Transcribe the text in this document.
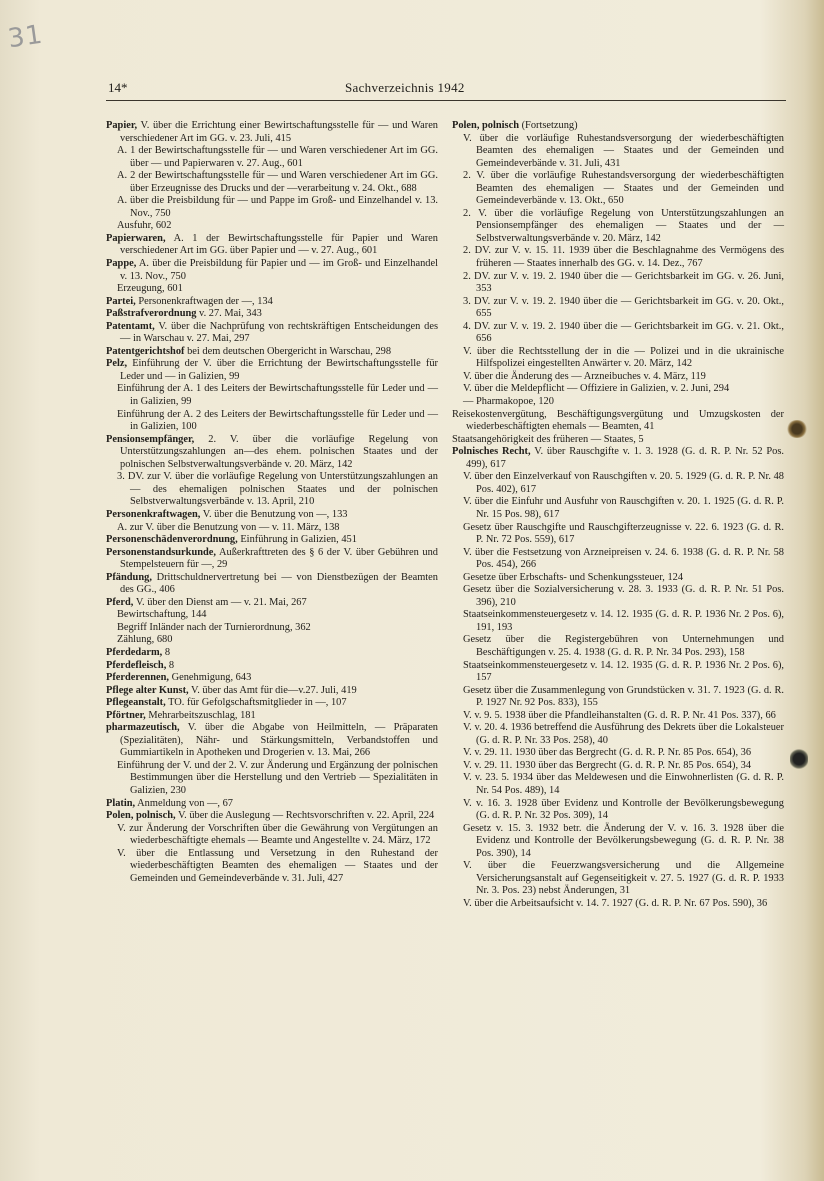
31
14*	Sachverzeichnis 1942

Papier, V. über die Errichtung einer Bewirtschaftungsstelle für — und Waren verschiedener Art im GG. v. 23. Juli, 415

A. 1 der Bewirtschaftungsstelle für — und Waren verschiedener Art im GG. über — und Papierwaren v. 27. Aug., 601

A. 2 der Bewirtschaftungsstelle für — und Waren verschiedener Art im GG. über Erzeugnisse des Drucks und der —verarbeitung v. 24. Okt., 688

A. über die Preisbildung für — und Pappe im Groß- und Einzelhandel v. 13. Nov., 750

Ausfuhr, 602

Papierwaren, A. 1 der Bewirtschaftungsstelle für Papier und Waren verschiedener Art im GG. über Papier und — v. 27. Aug., 601

Pappe, A. über die Preisbildung für Papier und — im Groß- und Einzelhandel v. 13. Nov., 750

Erzeugung, 601

Partei, Personenkraftwagen der —, 134

Paßstrafverordnung v. 27. Mai, 343

Patentamt, V. über die Nachprüfung von rechtskräftigen Entscheidungen des — in Warschau v. 27. Mai, 297

Patentgerichtshof bei dem deutschen Obergericht in Warschau, 298

Pelz, Einführung der V. über die Errichtung der Bewirtschaftungsstelle für Leder und — in Galizien, 99

Einführung der A. 1 des Leiters der Bewirtschaftungsstelle für Leder und — in Galizien, 99

Einführung der A. 2 des Leiters der Bewirtschaftungsstelle für Leder und — in Galizien, 100

Pensionsempfänger, 2. V. über die vorläufige Regelung von Unterstützungszahlungen an—des ehem. polnischen Staates und der polnischen Selbstverwaltungsverbände v. 20. März, 142

3. DV. zur V. über die vorläufige Regelung von Unterstützungszahlungen an — des ehemaligen polnischen Staates und der polnischen Selbstverwaltungsverbände v. 13. April, 210

Personenkraftwagen, V. über die Benutzung von —, 133

A. zur V. über die Benutzung von — v. 11. März, 138

Personenschädenverordnung, Einführung in Galizien, 451

Personenstandsurkunde, Außerkrafttreten des § 6 der V. über Gebühren und Stempelsteuern für —, 29

Pfändung, Drittschuldnervertretung bei — von Dienstbezügen der Beamten des GG., 406

Pferd, V. über den Dienst am — v. 21. Mai, 267

Bewirtschaftung, 144

Begriff Inländer nach der Turnierordnung, 362

Zählung, 680

Pferdedarm, 8

Pferdefleisch, 8

Pferderennen, Genehmigung, 643

Pflege alter Kunst, V. über das Amt für die—v.27. Juli, 419

Pflegeanstalt, TO. für Gefolgschaftsmitglieder in —, 107

Pförtner, Mehrarbeitszuschlag, 181

pharmazeutisch, V. über die Abgabe von Heilmitteln, — Präparaten (Spezialitäten), Nähr- und Stärkungsmitteln, Verbandstoffen und Gummiartikeln in Apotheken und Drogerien v. 13. Mai, 266

Einführung der V. und der 2. V. zur Änderung und Ergänzung der polnischen Bestimmungen über die Herstellung und den Vertrieb — Spezialitäten in Galizien, 230

Platin, Anmeldung von —, 67

Polen, polnisch, V. über die Auslegung — Rechtsvorschriften v. 22. April, 224

V. zur Änderung der Vorschriften über die Gewährung von Vergütungen an wiederbeschäftigte ehemals — Beamte und Angestellte v. 24. März, 172

V. über die Entlassung und Versetzung in den Ruhestand der wiederbeschäftigten Beamten des ehemaligen — Staates und der Gemeinden und Gemeindeverbände v. 31. Juli, 427

Polen, polnisch (Fortsetzung)

V. über die vorläufige Ruhestandsversorgung der wiederbeschäftigten Beamten des ehemaligen — Staates und der Gemeinden und Gemeindeverbände v. 31. Juli, 431

2. V. über die vorläufige Ruhestandsversorgung der wiederbeschäftigten Beamten des ehemaligen — Staates und der Gemeinden und Gemeindeverbände v. 13. Okt., 650

2. V. über die vorläufige Regelung von Unterstützungszahlungen an Pensionsempfänger des ehemaligen — Staates und der — Selbstverwaltungsverbände v. 20. März, 142

2. DV. zur V. v. 15. 11. 1939 über die Beschlagnahme des Vermögens des früheren — Staates innerhalb des GG. v. 14. Dez., 767

2. DV. zur V. v. 19. 2. 1940 über die — Gerichtsbarkeit im GG. v. 26. Juni, 353

3. DV. zur V. v. 19. 2. 1940 über die — Gerichtsbarkeit im GG. v. 20. Okt., 655

4. DV. zur V. v. 19. 2. 1940 über die — Gerichtsbarkeit im GG. v. 21. Okt., 656

V. über die Rechtsstellung der in die — Polizei und in die ukrainische Hilfspolizei eingestellten Anwärter v. 20. März, 142

V. über die Änderung des — Arzneibuches v. 4. März, 119

V. über die Meldepflicht — Offiziere in Galizien, v. 2. Juni, 294

— Pharmakopoe, 120

Reisekostenvergütung, Beschäftigungsvergütung und Umzugskosten der wiederbeschäftigten ehemals — Beamten, 41

Staatsangehörigkeit des früheren — Staates, 5

Polnisches Recht, V. über Rauschgifte v. 1. 3. 1928 (G. d. R. P. Nr. 52 Pos. 499), 617

V. über den Einzelverkauf von Rauschgiften v. 20. 5. 1929 (G. d. R. P. Nr. 48 Pos. 402), 617

V. über die Einfuhr und Ausfuhr von Rauschgiften v. 20. 1. 1925 (G. d. R. P. Nr. 15 Pos. 98), 617

Gesetz über Rauschgifte und Rauschgifterzeugnisse v. 22. 6. 1923 (G. d. R. P. Nr. 72 Pos. 559), 617

V. über die Festsetzung von Arzneipreisen v. 24. 6. 1938 (G. d. R. P. Nr. 58 Pos. 454), 266

Gesetze über Erbschafts- und Schenkungssteuer, 124

Gesetz über die Sozialversicherung v. 28. 3. 1933 (G. d. R. P. Nr. 51 Pos. 396), 210

Staatseinkommensteuergesetz v. 14. 12. 1935 (G. d. R. P. 1936 Nr. 2 Pos. 6), 191, 193

Gesetz über die Registergebühren von Unternehmungen und Beschäftigungen v. 25. 4. 1938 (G. d. R. P. Nr. 34 Pos. 293), 158

Staatseinkommensteuergesetz v. 14. 12. 1935 (G. d. R. P. 1936 Nr. 2 Pos. 6), 157

Gesetz über die Zusammenlegung von Grundstücken v. 31. 7. 1923 (G. d. R. P. 1927 Nr. 92 Pos. 833), 155

V. v. 9. 5. 1938 über die Pfandleihanstalten (G. d. R. P. Nr. 41 Pos. 337), 66

V. v. 20. 4. 1936 betreffend die Ausführung des Dekrets über die Lokalsteuer (G. d. R. P. Nr. 33 Pos. 258), 40

V. v. 29. 11. 1930 über das Bergrecht (G. d. R. P. Nr. 85 Pos. 654), 36

V. v. 29. 11. 1930 über das Bergrecht (G. d. R. P. Nr. 85 Pos. 654), 34

V. v. 23. 5. 1934 über das Meldewesen und die Einwohnerlisten (G. d. R. P. Nr. 54 Pos. 489), 14

V. v. 16. 3. 1928 über Evidenz und Kontrolle der Bevölkerungsbewegung (G. d. R. P. Nr. 32 Pos. 309), 14

Gesetz v. 15. 3. 1932 betr. die Änderung der V. v. 16. 3. 1928 über die Evidenz und Kontrolle der Bevölkerungsbewegung (G. d. R. P. Nr. 38 Pos. 390), 14

V. über die Feuerzwangsversicherung und die Allgemeine Versicherungsanstalt auf Gegenseitigkeit v. 27. 5. 1927 (G. d. R. P. 1933 Nr. 3. Pos. 23) nebst Änderungen, 31

V. über die Arbeitsaufsicht v. 14. 7. 1927 (G. d. R. P. Nr. 67 Pos. 590), 36
